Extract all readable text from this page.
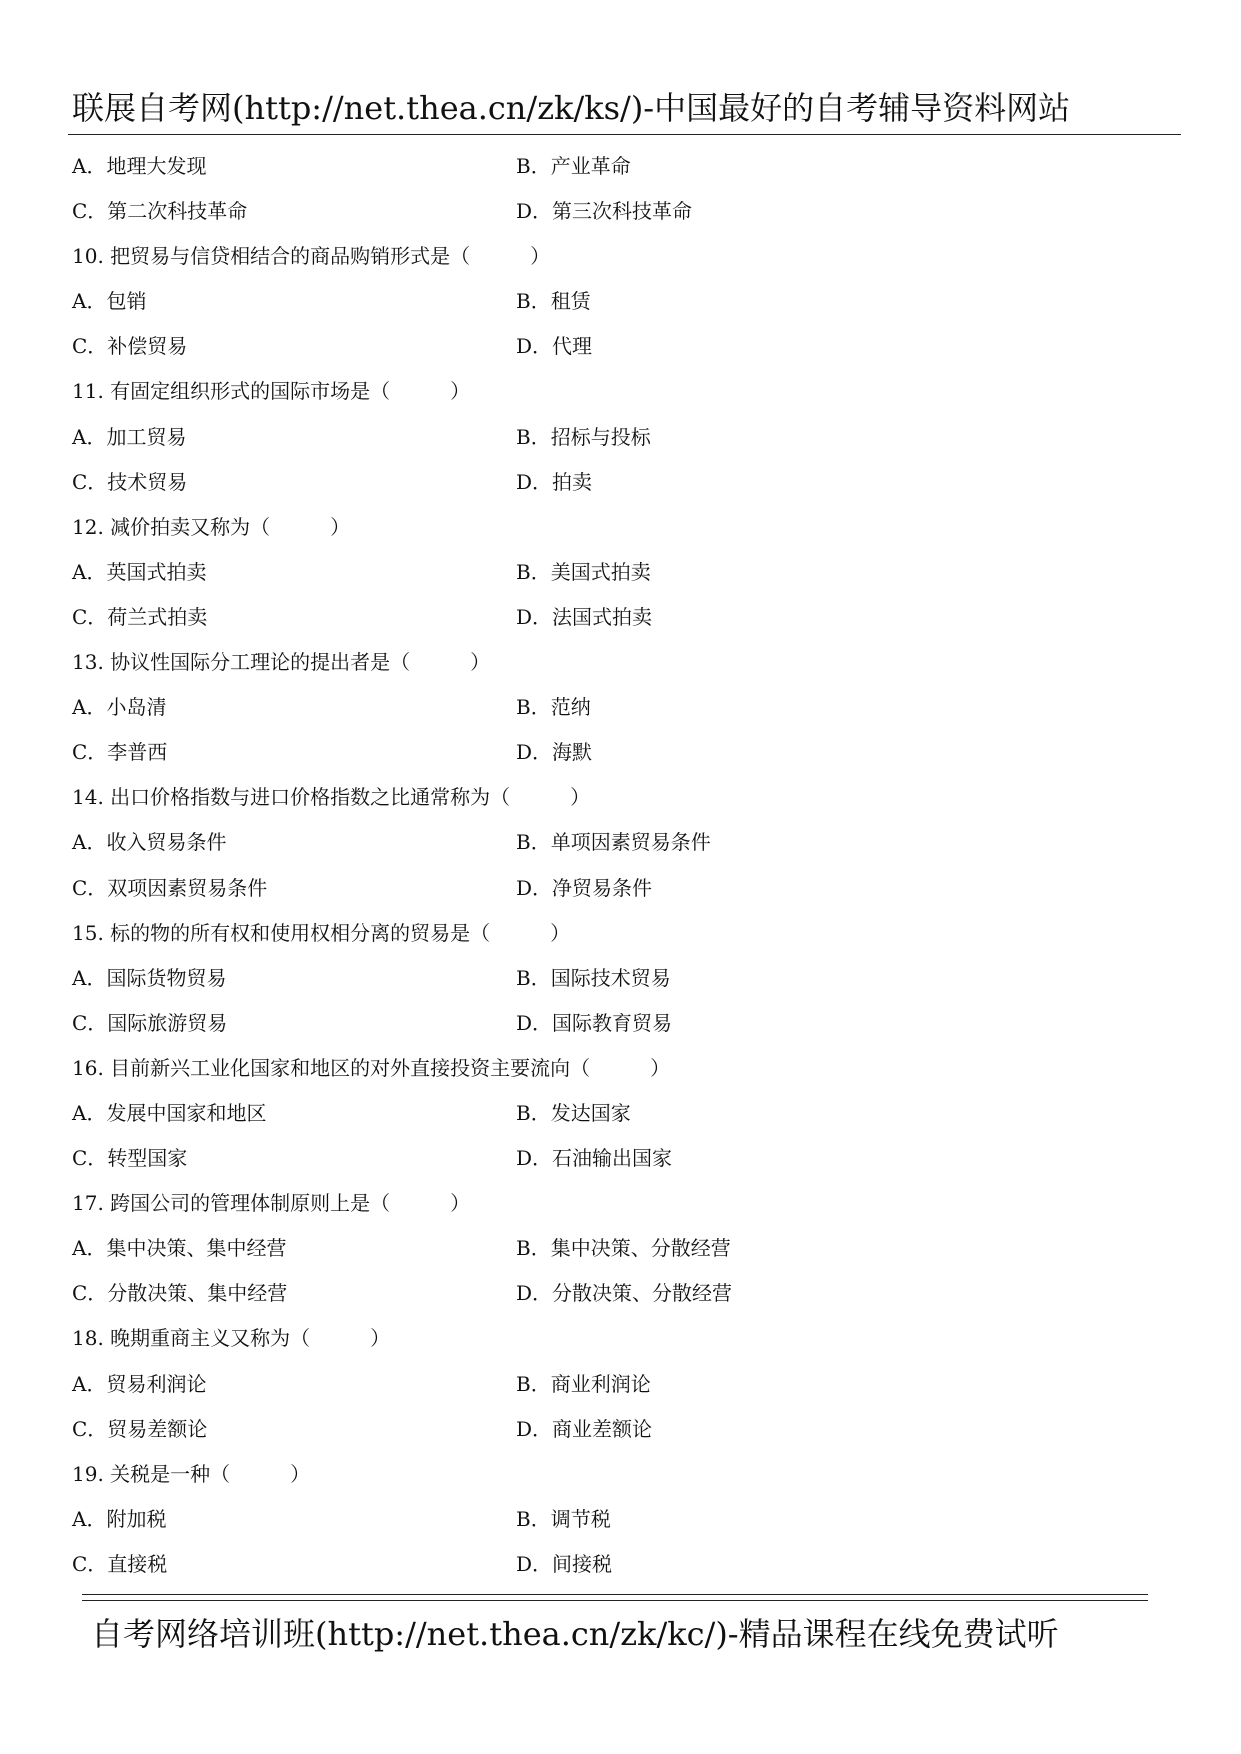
联展自考网(http://net.thea.cn/zk/ks/)-中国最好的自考辅导资料网站
A．地理大发现	B．产业革命
C．第二次科技革命	D．第三次科技革命
10. 把贸易与信贷相结合的商品购销形式是（　　　）
A．包销	B．租赁
C．补偿贸易	D．代理
11. 有固定组织形式的国际市场是（　　　）
A．加工贸易	B．招标与投标
C．技术贸易	D．拍卖
12. 减价拍卖又称为（　　　）
A．英国式拍卖	B．美国式拍卖
C．荷兰式拍卖	D．法国式拍卖
13. 协议性国际分工理论的提出者是（　　　）
A．小岛清	B．范纳
C．李普西	D．海默
14. 出口价格指数与进口价格指数之比通常称为（　　　）
A．收入贸易条件	B．单项因素贸易条件
C．双项因素贸易条件	D．净贸易条件
15. 标的物的所有权和使用权相分离的贸易是（　　　）
A．国际货物贸易	B．国际技术贸易
C．国际旅游贸易	D．国际教育贸易
16. 目前新兴工业化国家和地区的对外直接投资主要流向（　　　）
A．发展中国家和地区	B．发达国家
C．转型国家	D．石油输出国家
17. 跨国公司的管理体制原则上是（　　　）
A．集中决策、集中经营	B．集中决策、分散经营
C．分散决策、集中经营	D．分散决策、分散经营
18. 晚期重商主义又称为（　　　）
A．贸易利润论	B．商业利润论
C．贸易差额论	D．商业差额论
19. 关税是一种（　　　）
A．附加税	B．调节税
C．直接税	D．间接税
自考网络培训班(http://net.thea.cn/zk/kc/)-精品课程在线免费试听
